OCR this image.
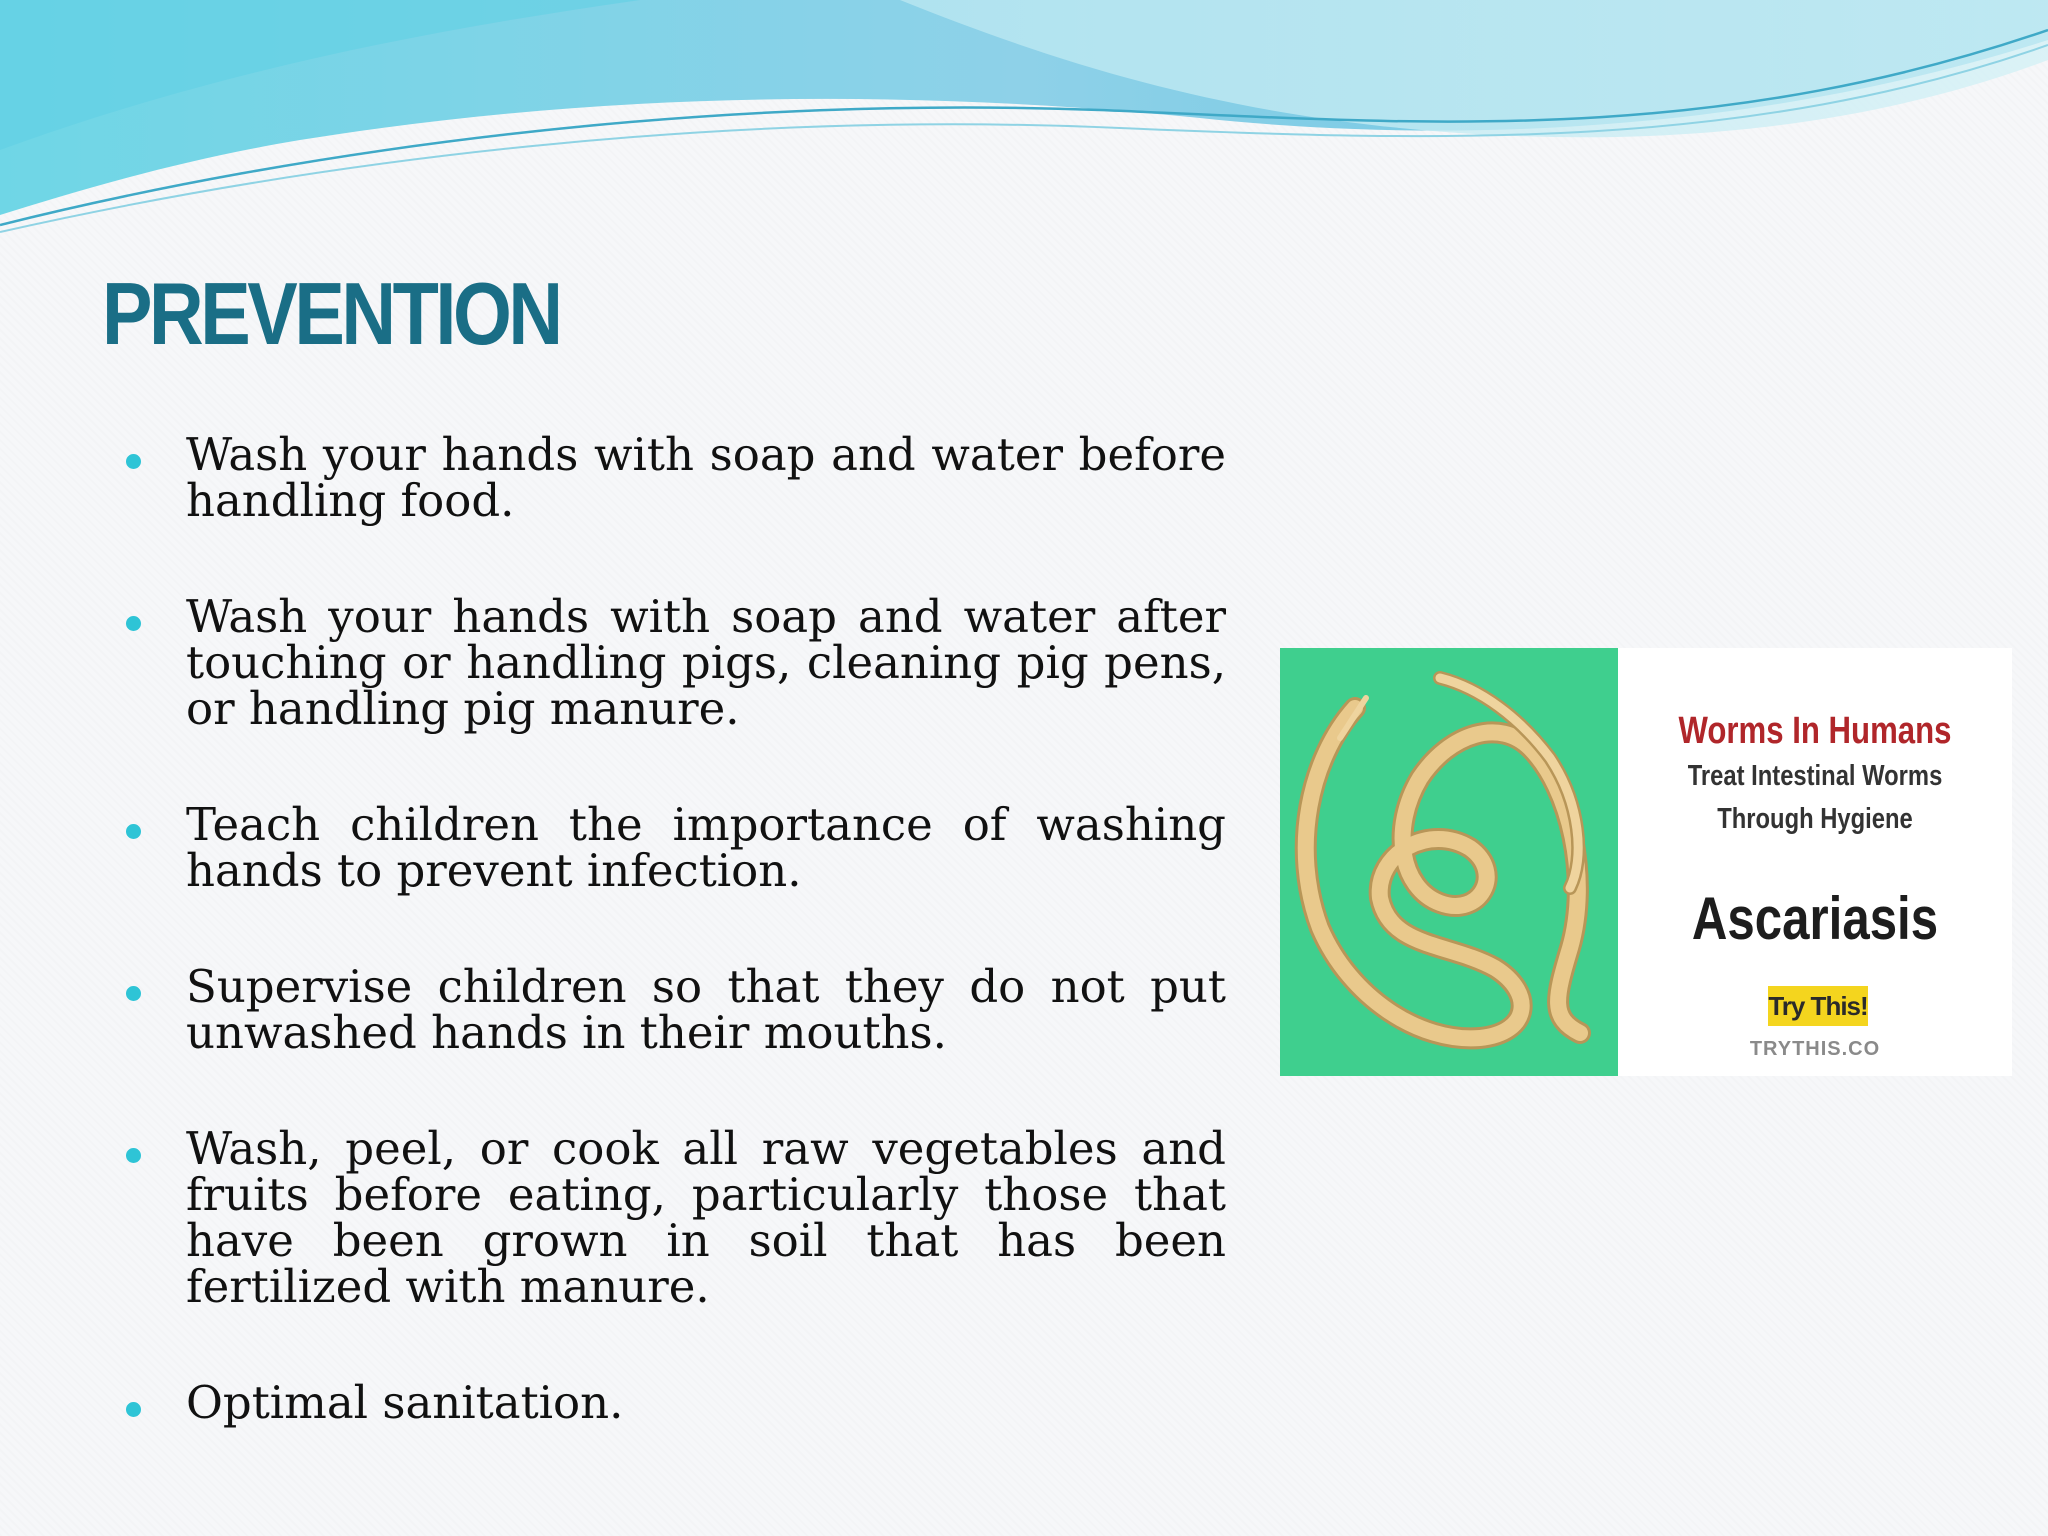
PREVENTION
Wash your hands with soap and water before handling food.
Wash your hands with soap and water after touching or handling pigs, cleaning pig pens, or handling pig manure.
Teach children the importance of washing hands to prevent infection.
Supervise children so that they do not put unwashed hands in their mouths.
Wash, peel, or cook all raw vegetables and fruits before eating, particularly those that have been grown in soil that has been fertilized with manure.
Optimal sanitation.
Worms In Humans
Treat Intestinal Worms
Through Hygiene
Ascariasis
Try This!
TRYTHIS.CO
